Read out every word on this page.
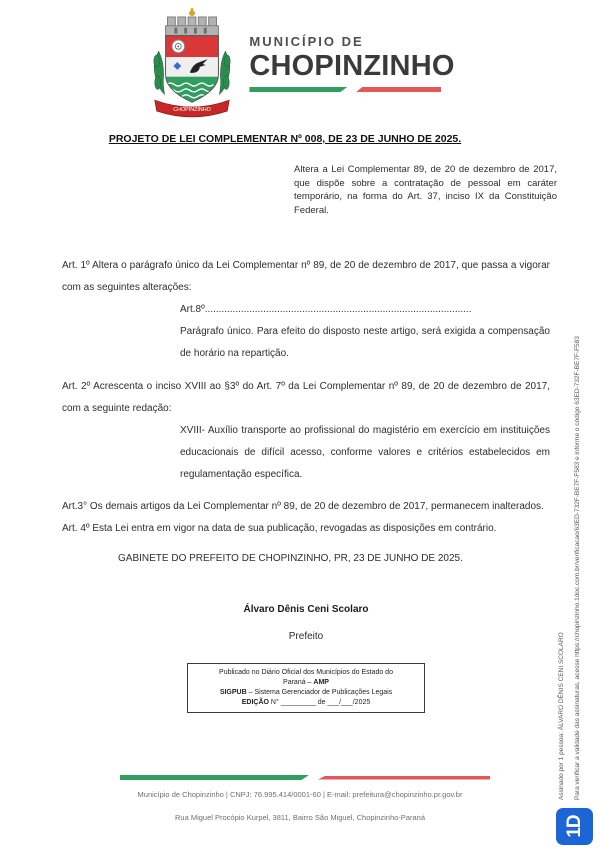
CHOPINZINHO
MUNICÍPIO DE
CHOPINZINHO
PROJETO DE LEI COMPLEMENTAR Nº 008, DE 23 DE JUNHO DE 2025.
Altera a Lei Complementar 89, de 20 de dezembro de 2017, que dispõe sobre a contratação de pessoal em caráter temporário, na forma do Art. 37, inciso IX da Constituição Federal.

Art. 1º Altera o parágrafo único da Lei Complementar nº 89, de 20 de dezembro de 2017, que passa a vigorar com as seguintes alterações:

Art.8º................................................................................................

Parágrafo único. Para efeito do disposto neste artigo, será exigida a compensação de horário na repartição.

Art. 2º Acrescenta o inciso XVIII ao §3º do Art. 7º da Lei Complementar nº 89, de 20 de dezembro de 2017, com a seguinte redação:

XVIII- Auxílio transporte ao profissional do magistério em exercício em instituições educacionais de difícil acesso, conforme valores e critérios estabelecidos em regulamentação específica.

Art.3° Os demais artigos da Lei Complementar nº 89, de 20 de dezembro de 2017, permanecem inalterados.

Art. 4º Esta Lei entra em vigor na data de sua publicação, revogadas as disposições em contrário.

GABINETE DO PREFEITO DE CHOPINZINHO, PR, 23 DE JUNHO DE 2025.

Álvaro Dênis Ceni Scolaro

Prefeito

Publicado no Diário Oficial dos Municípios do Estado do
Paraná – AMP
SIGPUB – Sistema Gerenciador de Publicações Legais
EDIÇÃO N° _________ de ___/___/2025
Município de Chopinzinho | CNPJ: 76.995.414/0001-60 | E-mail: prefeitura@chopinzinho.pr.gov.br
Rua Miguel Procópio Kurpel, 3811, Bairro São Miguel, Chopinzinho-Paraná
Assinado por 1 pessoa: ÁLVARO DÊNIS CENI SCOLARO Para verificar a validade das assinaturas, acesse https://chopinzinho.1doc.com.br/verificacao/63ED-732F-BE7F-F583 e informe o código 63ED-732F-BE7F-F583
1D
